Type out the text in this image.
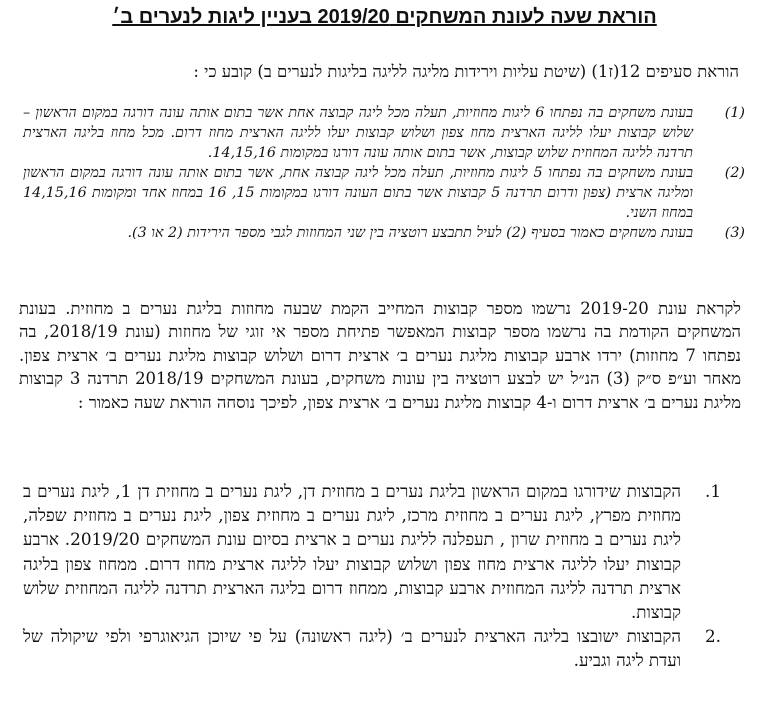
הוראת שעה לעונת המשחקים 2019/20 בעניין ליגות לנערים ב׳
הוראת סעיפים 12(ז1) (שיטת עליות וירידות מליגה לליגה בליגות לנערים ב) קובע כי :
(1)
בעונת משחקים בה נפתחו 6 ליגות מחוזיות, תעלה מכל ליגה קבוצה אחת אשר בתום אותה עונה דורגה במקום הראשון – שלוש קבוצות יעלו לליגה הארצית מחוז צפון ושלוש קבוצות יעלו לליגה הארצית מחוז דרום. מכל מחוז בליגה הארצית תרדנה לליגה המחוזית שלוש קבוצות, אשר בתום אותה עונה דורגו במקומות 14,15,16.
(2)
בעונת משחקים בה נפתחו 5 ליגות מחוזיות, תעלה מכל ליגה קבוצה אחת, אשר בתום אותה עונה דורגה במקום הראשון ומליגה ארצית (צפון ודרום תרדנה 5 קבוצות אשר בתום העונה דורגו במקומות 15, 16 במחוז אחד ומקומות 14,15,16 במחוז השני.
(3)
בעונת משחקים כאמור בסעיף (2) לעיל תתבצע רוטציה בין שני המחוזות לגבי מספר הירידות (2 או 3).
לקראת עונת 2019-20 נרשמו מספר קבוצות המחייב הקמת שבעה מחוזות בליגת נערים ב מחוזית. בעונת המשחקים הקודמת בה נרשמו מספר קבוצות המאפשר פתיחת מספר אי זוגי של מחוזות (עונת 2018/19, בה נפתחו 7 מחוזות) ירדו ארבע קבוצות מליגת נערים ב׳ ארצית דרום ושלוש קבוצות מליגת נערים ב׳ ארצית צפון. מאחר וע״פ ס״ק (3) הנ״ל יש לבצע רוטציה בין עונות משחקים, בעונת המשחקים 2018/19 תרדנה 3 קבוצות מליגת נערים ב׳ ארצית דרום ו-4 קבוצות מליגת נערים ב׳ ארצית צפון, לפיכך נוסחה הוראת שעה כאמור :
1.
הקבוצות שידורגו במקום הראשון בליגת נערים ב מחוזית דן, ליגת נערים ב מחוזית דן 1, ליגת נערים ב מחוזית מפרץ, ליגת נערים ב מחוזית מרכז, ליגת נערים ב מחוזית צפון, ליגת נערים ב מחוזית שפלה, ליגת נערים ב מחוזית שרון , תעפלנה לליגת נערים ב ארצית בסיום עונת המשחקים 2019/20. ארבע קבוצות יעלו לליגה ארצית מחוז צפון ושלוש קבוצות יעלו לליגה ארצית מחוז דרום. ממחוז צפון בליגה ארצית תרדנה לליגה המחוזית ארבע קבוצות, ממחוז דרום בליגה הארצית תרדנה לליגה המחוזית שלוש קבוצות.
.2
הקבוצות ישובצו בליגה הארצית לנערים ב׳ (ליגה ראשונה) על פי שיוכן הגיאוגרפי ולפי שיקולה של ועדת ליגה וגביע.
